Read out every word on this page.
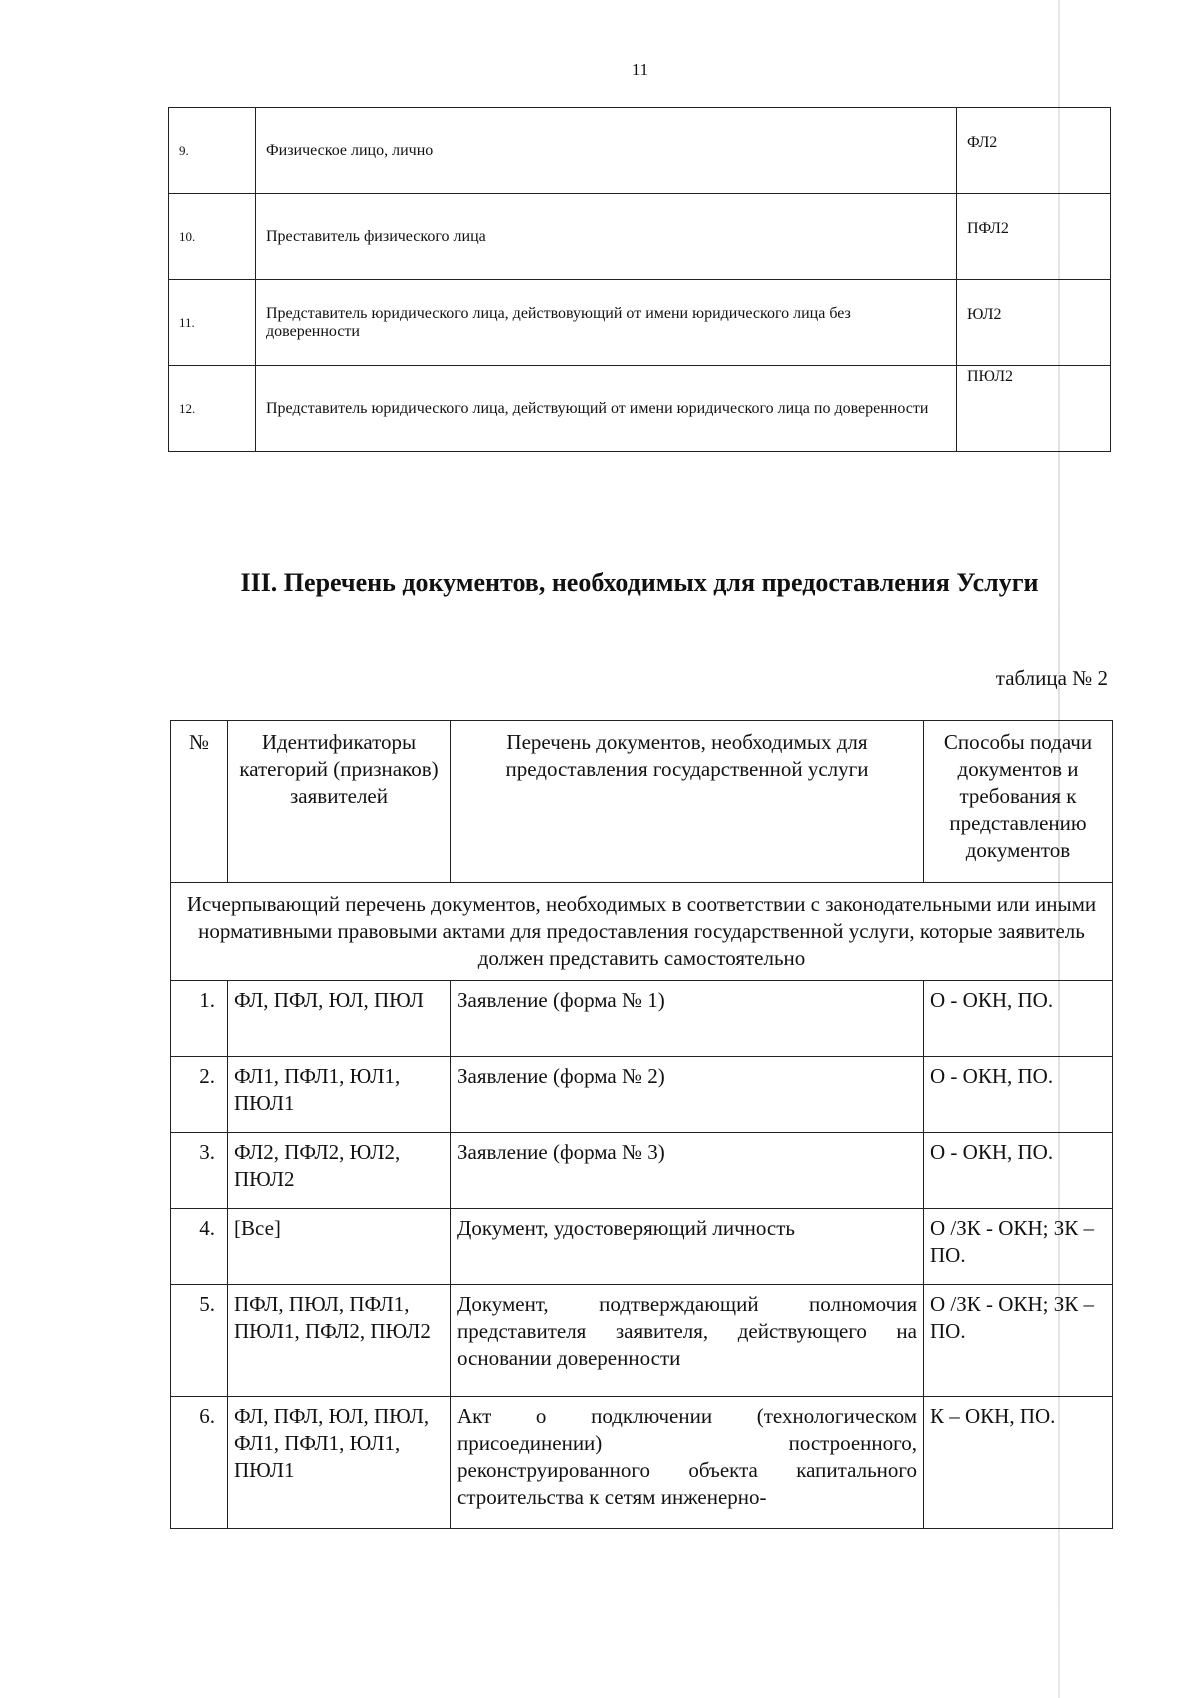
11
9.	Физическое лицо, лично	ФЛ2
10.	Преставитель физического лица	ПФЛ2
11.	Представитель юридического лица, действовующий от имени юридического лица без доверенности	ЮЛ2
12.	Представитель юридического лица, действующий от имени юридического лица по доверенности	ПЮЛ2
III. Перечень документов, необходимых для предоставления Услуги
таблица № 2
№	Идентификаторы категорий (признаков) заявителей	Перечень документов, необходимых для предоставления государственной услуги	Способы подачи документов и требования к представлению документов
Исчерпывающий перечень документов, необходимых в соответствии с законодательными или иными нормативными правовыми актами для предоставления государственной услуги, которые заявитель должен представить самостоятельно			
1.	ФЛ, ПФЛ, ЮЛ, ПЮЛ	Заявление (форма № 1)	О - ОКН, ПО.
2.	ФЛ1, ПФЛ1, ЮЛ1, ПЮЛ1	Заявление (форма № 2)	О - ОКН, ПО.
3.	ФЛ2, ПФЛ2, ЮЛ2, ПЮЛ2	Заявление (форма № 3)	О - ОКН, ПО.
4.	[Все]	Документ, удостоверяющий личность	О /ЗК - ОКН; ЗК – ПО.
5.	ПФЛ, ПЮЛ, ПФЛ1, ПЮЛ1, ПФЛ2, ПЮЛ2	Документ, подтверждающий полномочия представителя заявителя, действующего на основании доверенности	О /ЗК - ОКН; ЗК – ПО.
6.	ФЛ, ПФЛ, ЮЛ, ПЮЛ, ФЛ1, ПФЛ1, ЮЛ1, ПЮЛ1	Акт о подключении (технологическом присоединении) построенного, реконструированного объекта капитального строительства к сетям инженерно-	К – ОКН, ПО.
